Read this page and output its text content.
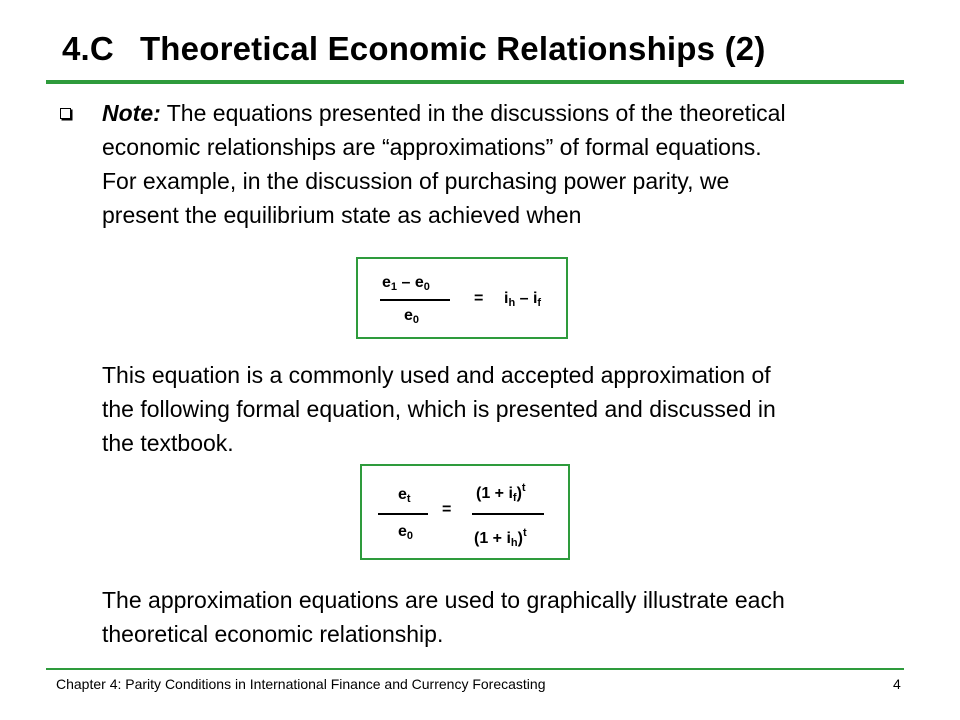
4.C Theoretical Economic Relationships (2)
Note: The equations presented in the discussions of the theoretical
economic relationships are “approximations” of formal equations.
For example, in the discussion of purchasing power parity, we
present the equilibrium state as achieved when
$e_1 - e_0$
$e_0$
= $i_h - i_f$
This equation is a commonly used and accepted approximation of
the following formal equation, which is presented and discussed in
the textbook.
$e_t$
$e_0$
=
$(1 + i_f)^t$
$(1 + i_h)^t$
The approximation equations are used to graphically illustrate each
theoretical economic relationship.
Chapter 4: Parity Conditions in International Finance and Currency Forecasting	4
